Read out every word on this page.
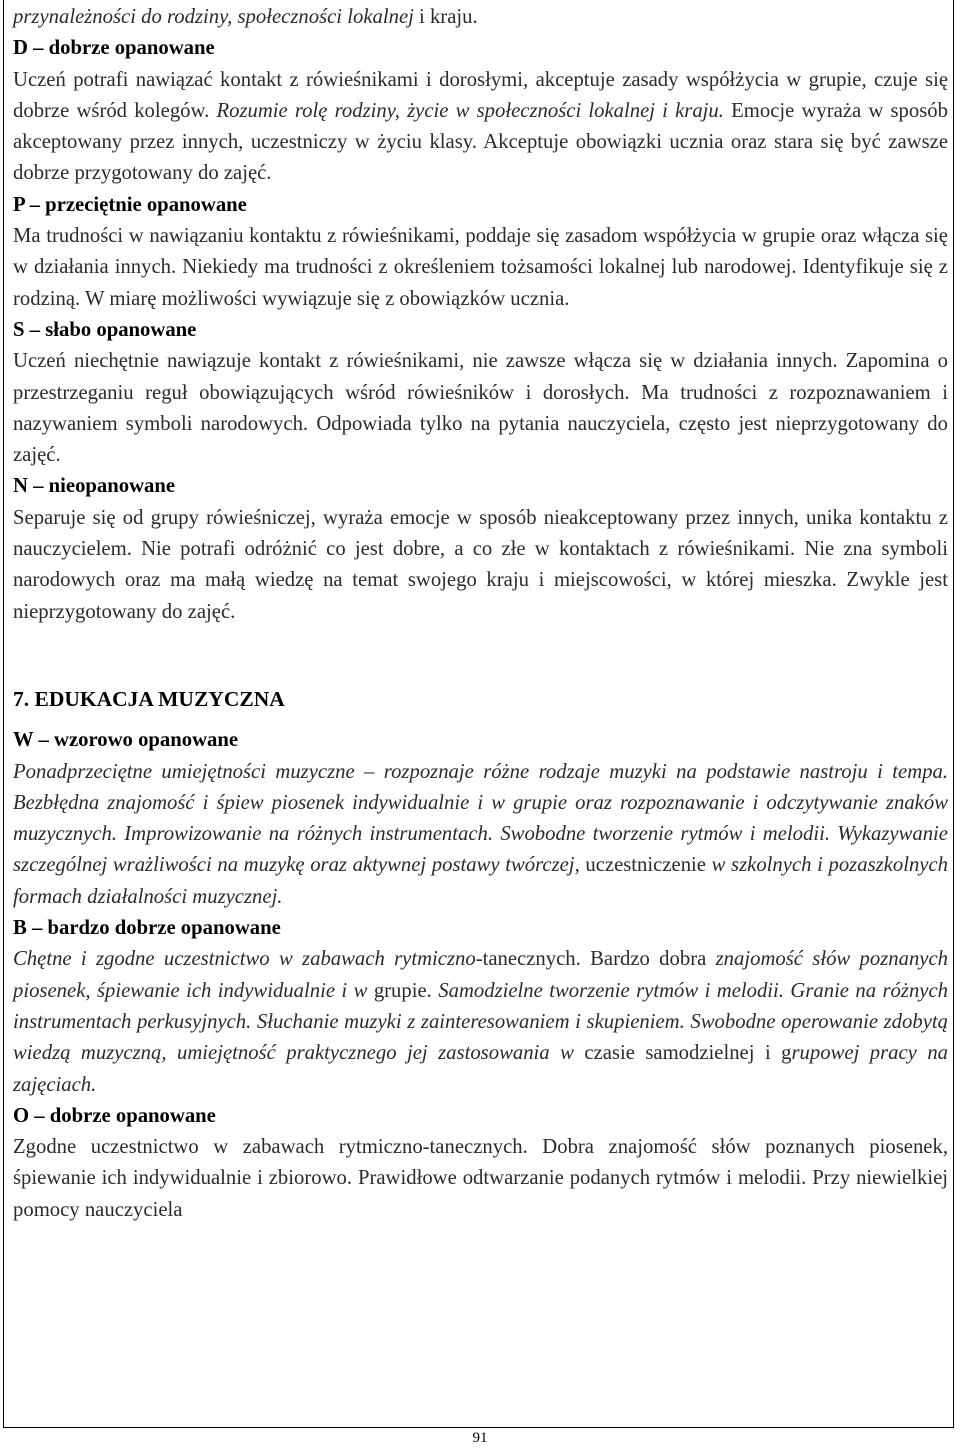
przynależności do rodziny, społeczności lokalnej i kraju.

D – dobrze opanowane

Uczeń potrafi nawiązać kontakt z rówieśnikami i dorosłymi, akceptuje zasady współżycia w grupie, czuje się dobrze wśród kolegów. Rozumie rolę rodziny, życie w społeczności lokalnej i kraju. Emocje wyraża w sposób akceptowany przez innych, uczestniczy w życiu klasy. Akceptuje obowiązki ucznia oraz stara się być zawsze dobrze przygotowany do zajęć.

P – przeciętnie opanowane

Ma trudności w nawiązaniu kontaktu z rówieśnikami, poddaje się zasadom współżycia w grupie oraz włącza się w działania innych. Niekiedy ma trudności z określeniem tożsamości lokalnej lub narodowej. Identyfikuje się z rodziną. W miarę możliwości wywiązuje się z obowiązków ucznia.

S – słabo opanowane

Uczeń niechętnie nawiązuje kontakt z rówieśnikami, nie zawsze włącza się w działania innych. Zapomina o przestrzeganiu reguł obowiązujących wśród rówieśników i dorosłych. Ma trudności z rozpoznawaniem i nazywaniem symboli narodowych. Odpowiada tylko na pytania nauczyciela, często jest nieprzygotowany do zajęć.

N – nieopanowane

Separuje się od grupy rówieśniczej, wyraża emocje w sposób nieakceptowany przez innych, unika kontaktu z nauczycielem. Nie potrafi odróżnić co jest dobre, a co złe w kontaktach z rówieśnikami. Nie zna symboli narodowych oraz ma małą wiedzę na temat swojego kraju i miejscowości, w której mieszka. Zwykle jest nieprzygotowany do zajęć.

7. EDUKACJA MUZYCZNA

W – wzorowo opanowane

Ponadprzeciętne umiejętności muzyczne – rozpoznaje różne rodzaje muzyki na podstawie nastroju i tempa. Bezbłędna znajomość i śpiew piosenek indywidualnie i w grupie oraz rozpoznawanie i odczytywanie znaków muzycznych. Improwizowanie na różnych instrumentach. Swobodne tworzenie rytmów i melodii. Wykazywanie szczególnej wrażliwości na muzykę oraz aktywnej postawy twórczej, uczestniczenie w szkolnych i pozaszkolnych formach działalności muzycznej.

B – bardzo dobrze opanowane

Chętne i zgodne uczestnictwo w zabawach rytmiczno-tanecznych. Bardzo dobra znajomość słów poznanych piosenek, śpiewanie ich indywidualnie i w grupie. Samodzielne tworzenie rytmów i melodii. Granie na różnych instrumentach perkusyjnych. Słuchanie muzyki z zainteresowaniem i skupieniem. Swobodne operowanie zdobytą wiedzą muzyczną, umiejętność praktycznego jej zastosowania w czasie samodzielnej i grupowej pracy na zajęciach.

O – dobrze opanowane

Zgodne uczestnictwo w zabawach rytmiczno-tanecznych. Dobra znajomość słów poznanych piosenek, śpiewanie ich indywidualnie i zbiorowo. Prawidłowe odtwarzanie podanych rytmów i melodii. Przy niewielkiej pomocy nauczyciela

91
